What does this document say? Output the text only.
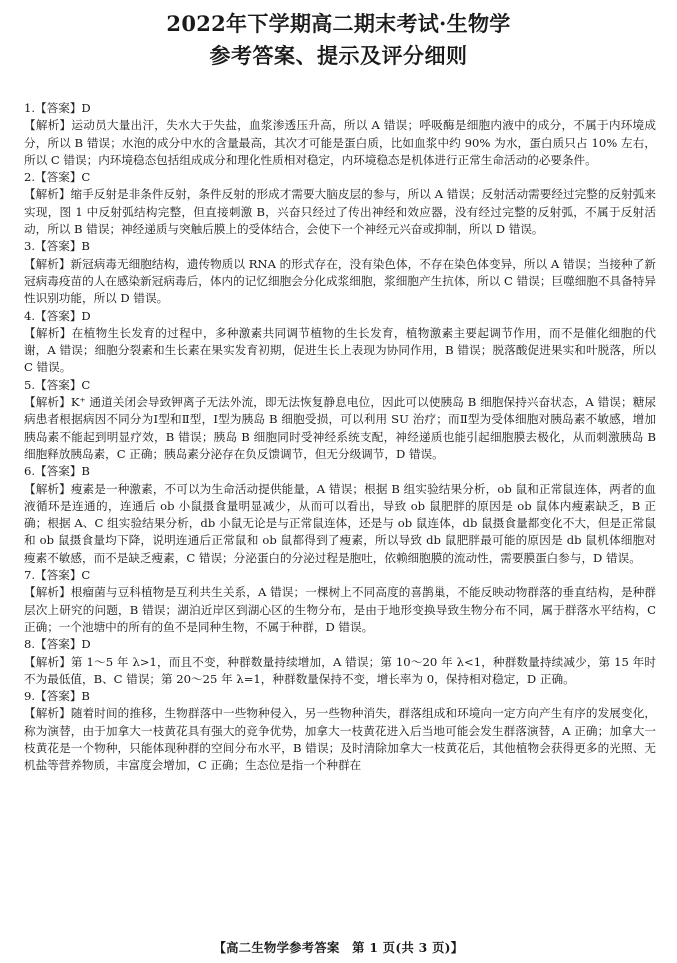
2022年下学期高二期末考试·生物学
参考答案、提示及评分细则
1.【答案】D
【解析】运动员大量出汗，失水大于失盐，血浆渗透压升高，所以 A 错误；呼吸酶是细胞内液中的成分，不属于内环境成分，所以 B 错误；水泡的成分中水的含量最高，其次才可能是蛋白质，比如血浆中约 90% 为水，蛋白质只占 10% 左右，所以 C 错误；内环境稳态包括组成成分和理化性质相对稳定，内环境稳态是机体进行正常生命活动的必要条件。
2.【答案】C
【解析】缩手反射是非条件反射，条件反射的形成才需要大脑皮层的参与，所以 A 错误；反射活动需要经过完整的反射弧来实现，图 1 中反射弧结构完整，但直接刺激 B，兴奋只经过了传出神经和效应器，没有经过完整的反射弧，不属于反射活动，所以 B 错误；神经递质与突触后膜上的受体结合，会使下一个神经元兴奋或抑制，所以 D 错误。
3.【答案】B
【解析】新冠病毒无细胞结构，遗传物质以 RNA 的形式存在，没有染色体，不存在染色体变异，所以 A 错误；当接种了新冠病毒疫苗的人在感染新冠病毒后，体内的记忆细胞会分化成浆细胞，浆细胞产生抗体，所以 C 错误；巨噬细胞不具备特异性识别功能，所以 D 错误。
4.【答案】D
【解析】在植物生长发育的过程中，多种激素共同调节植物的生长发育，植物激素主要起调节作用，而不是催化细胞的代谢，A 错误；细胞分裂素和生长素在果实发育初期，促进生长上表现为协同作用，B 错误；脱落酸促进果实和叶脱落，所以 C 错误。
5.【答案】C
【解析】K⁺ 通道关闭会导致钾离子无法外流，即无法恢复静息电位，因此可以使胰岛 B 细胞保持兴奋状态，A 错误；糖尿病患者根据病因不同分为Ⅰ型和Ⅱ型，Ⅰ型为胰岛 B 细胞受损，可以利用 SU 治疗；而Ⅱ型为受体细胞对胰岛素不敏感，增加胰岛素不能起到明显疗效，B 错误；胰岛 B 细胞同时受神经系统支配，神经递质也能引起细胞膜去极化，从而刺激胰岛 B 细胞释放胰岛素，C 正确；胰岛素分泌存在负反馈调节，但无分级调节，D 错误。
6.【答案】B
【解析】瘦素是一种激素，不可以为生命活动提供能量，A 错误；根据 B 组实验结果分析，ob 鼠和正常鼠连体，两者的血液循环是连通的，连通后 ob 小鼠摄食量明显减少，从而可以看出，导致 ob 鼠肥胖的原因是 ob 鼠体内瘦素缺乏，B 正确；根据 A、C 组实验结果分析，db 小鼠无论是与正常鼠连体，还是与 ob 鼠连体，db 鼠摄食量都变化不大，但是正常鼠和 ob 鼠摄食量均下降，说明连通后正常鼠和 ob 鼠都得到了瘦素，所以导致 db 鼠肥胖最可能的原因是 db 鼠机体细胞对瘦素不敏感，而不是缺乏瘦素，C 错误；分泌蛋白的分泌过程是胞吐，依赖细胞膜的流动性，需要膜蛋白参与，D 错误。
7.【答案】C
【解析】根瘤菌与豆科植物是互利共生关系，A 错误；一棵树上不同高度的喜鹊巢，不能反映动物群落的垂直结构，是种群层次上研究的问题，B 错误；湖泊近岸区到湖心区的生物分布，是由于地形变换导致生物分布不同，属于群落水平结构，C 正确；一个池塘中的所有的鱼不是同种生物，不属于种群，D 错误。
8.【答案】D
【解析】第 1～5 年 λ>1，而且不变，种群数量持续增加，A 错误；第 10～20 年 λ<1，种群数量持续减少，第 15 年时不为最低值，B、C 错误；第 20～25 年 λ=1，种群数量保持不变，增长率为 0，保持相对稳定，D 正确。
9.【答案】B
【解析】随着时间的推移，生物群落中一些物种侵入，另一些物种消失，群落组成和环境向一定方向产生有序的发展变化，称为演替，由于加拿大一枝黄花具有强大的竞争优势，加拿大一枝黄花进入后当地可能会发生群落演替，A 正确；加拿大一枝黄花是一个物种，只能体现种群的空间分布水平，B 错误；及时清除加拿大一枝黄花后，其他植物会获得更多的光照、无机盐等营养物质，丰富度会增加，C 正确；生态位是指一个种群在
【高二生物学参考答案　第 1 页(共 3 页)】
